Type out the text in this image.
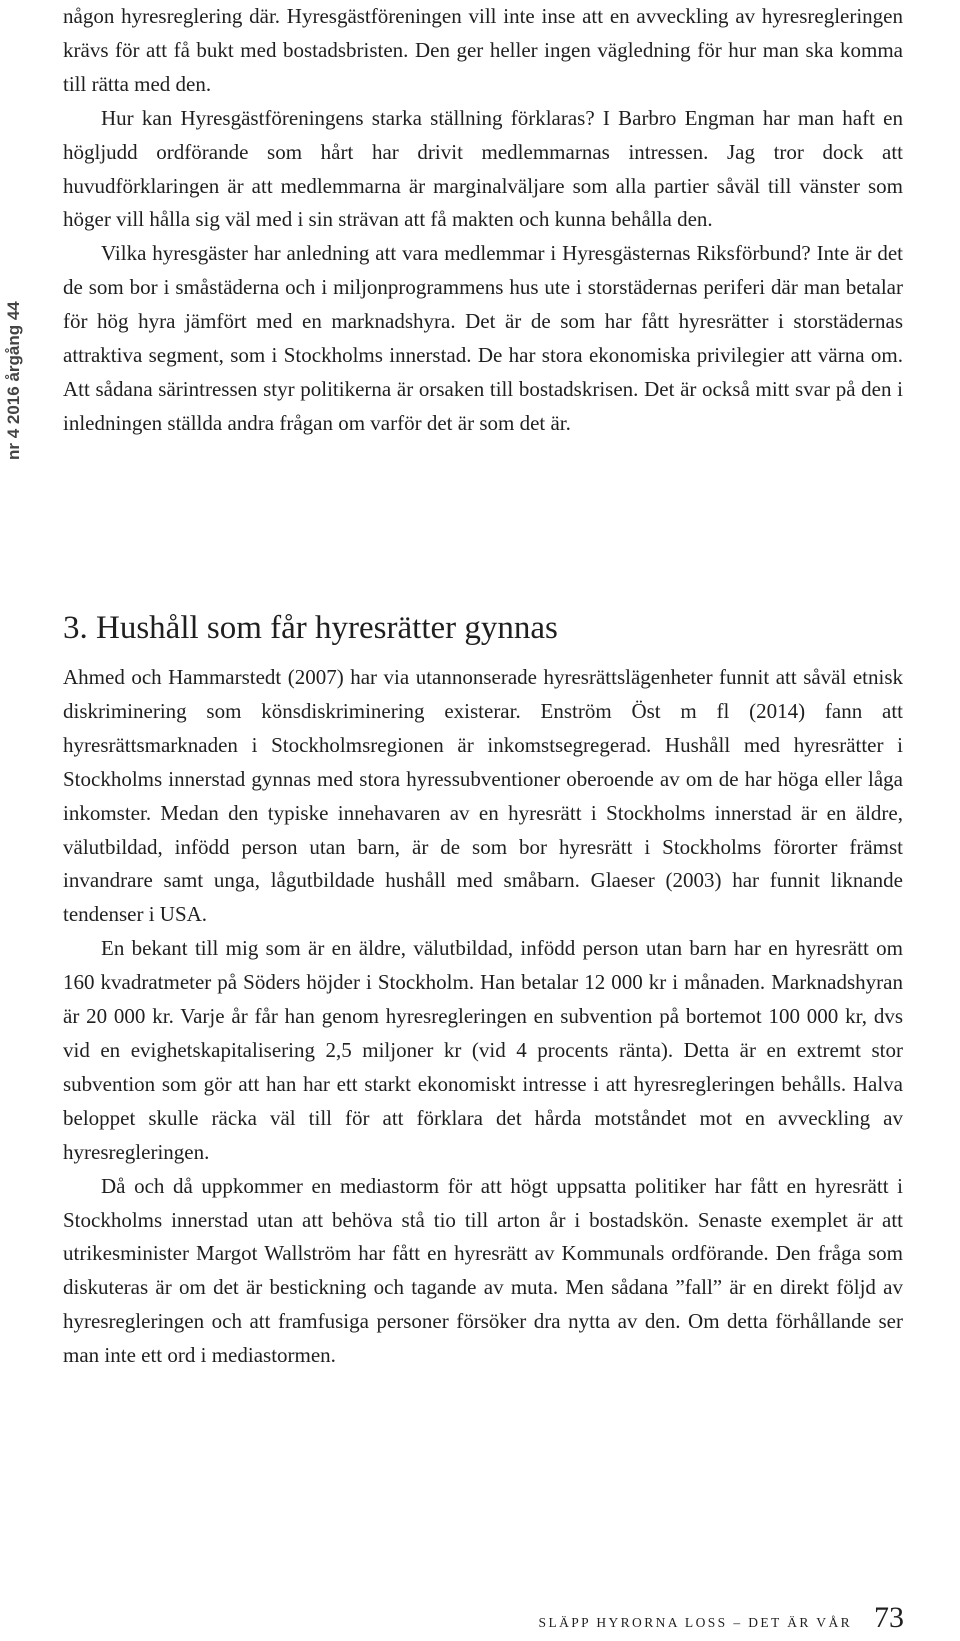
nr 4 2016 årgång 44

någon hyresreglering där. Hyresgästföreningen vill inte inse att en avveckling av hyresregleringen krävs för att få bukt med bostadsbristen. Den ger heller ingen vägledning för hur man ska komma till rätta med den.

Hur kan Hyresgästföreningens starka ställning förklaras? I Barbro Engman har man haft en högljudd ordförande som hårt har drivit medlemmarnas intressen. Jag tror dock att huvudförklaringen är att medlemmarna är marginalväljare som alla partier såväl till vänster som höger vill hålla sig väl med i sin strävan att få makten och kunna behålla den.

Vilka hyresgäster har anledning att vara medlemmar i Hyresgästernas Riksförbund? Inte är det de som bor i småstäderna och i miljonprogrammens hus ute i storstädernas periferi där man betalar för hög hyra jämfört med en marknadshyra. Det är de som har fått hyresrätter i storstädernas attraktiva segment, som i Stockholms innerstad. De har stora ekonomiska privilegier att värna om. Att sådana särintressen styr politikerna är orsaken till bostadskrisen. Det är också mitt svar på den i inledningen ställda andra frågan om varför det är som det är.

3. Hushåll som får hyresrätter gynnas

Ahmed och Hammarstedt (2007) har via utannonserade hyresrättslägenheter funnit att såväl etnisk diskriminering som könsdiskriminering existerar. Enström Öst m fl (2014) fann att hyresrättsmarknaden i Stockholmsregionen är inkomstsegregerad. Hushåll med hyresrätter i Stockholms innerstad gynnas med stora hyressubventioner oberoende av om de har höga eller låga inkomster. Medan den typiske innehavaren av en hyresrätt i Stockholms innerstad är en äldre, välutbildad, infödd person utan barn, är de som bor hyresrätt i Stockholms förorter främst invandrare samt unga, lågutbildade hushåll med småbarn. Glaeser (2003) har funnit liknande tendenser i USA.

En bekant till mig som är en äldre, välutbildad, infödd person utan barn har en hyresrätt om 160 kvadratmeter på Söders höjder i Stockholm. Han betalar 12 000 kr i månaden. Marknadshyran är 20 000 kr. Varje år får han genom hyresregleringen en subvention på bortemot 100 000 kr, dvs vid en evighetskapitalisering 2,5 miljoner kr (vid 4 procents ränta). Detta är en extremt stor subvention som gör att han har ett starkt ekonomiskt intresse i att hyresregleringen behålls. Halva beloppet skulle räcka väl till för att förklara det hårda motståndet mot en avveckling av hyresregleringen.

Då och då uppkommer en mediastorm för att högt uppsatta politiker har fått en hyresrätt i Stockholms innerstad utan att behöva stå tio till arton år i bostadskön. Senaste exemplet är att utrikesminister Margot Wallström har fått en hyresrätt av Kommunals ordförande. Den fråga som diskuteras är om det är bestickning och tagande av muta. Men sådana ”fall” är en direkt följd av hyresregleringen och att framfusiga personer försöker dra nytta av den. Om detta förhållande ser man inte ett ord i mediastormen.

SLÄPP HYRORNA LOSS – DET ÄR VÅR 73
